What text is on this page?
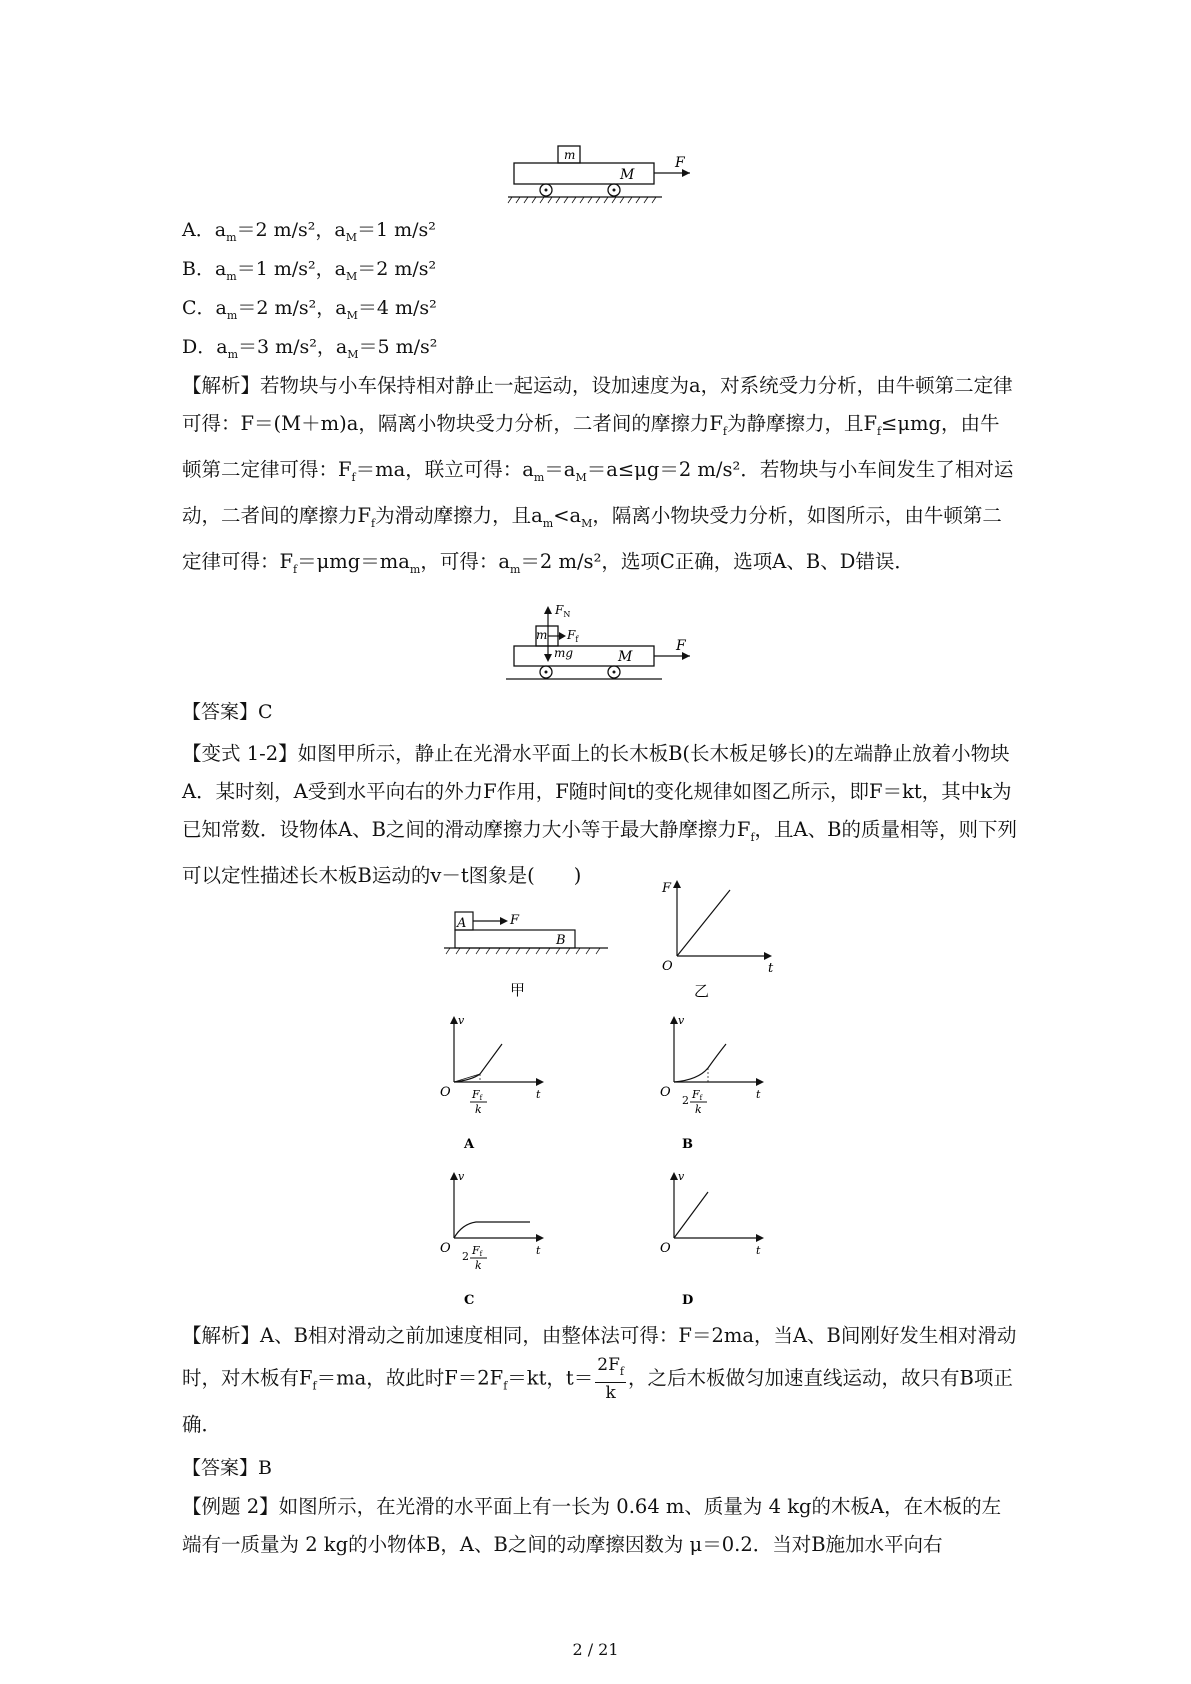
m
M
F
A．$a_m=2$ m/s²，$a_M=1$ m/s²
B．$a_m=1$ m/s²，$a_M=2$ m/s²
C．$a_m=2$ m/s²，$a_M=4$ m/s²
D．$a_m=3$ m/s²，$a_M=5$ m/s²
【解析】若物块与小车保持相对静止一起运动，设加速度为a，对系统受力分析，由牛顿第二定律可得：F＝(M＋m)a，隔离小物块受力分析，二者间的摩擦力$F_f$为静摩擦力，且$F_f\le\mu mg$，由牛顿第二定律可得：$F_f=ma$，联立可得：$a_m=a_M=a\le\mu g=2$ m/s²．若物块与小车间发生了相对运动，二者间的摩擦力$F_f$为滑动摩擦力，且$a_m<a_M$，隔离小物块受力分析，如图所示，由牛顿第二定律可得：$F_f=\mu mg=ma_m$，可得：$a_m=2$ m/s²，选项C正确，选项A、B、D错误．
$F_N$
m $F_f$
mg	M
F
【答案】C
【变式 1-2】如图甲所示，静止在光滑水平面上的长木板B(长木板足够长)的左端静止放着小物块A．某时刻，A受到水平向右的外力F作用，F随时间t的变化规律如图乙所示，即F＝kt，其中k为已知常数．设物体A、B之间的滑动摩擦力大小等于最大静摩擦力$F_f$，且A、B的质量相等，则下列可以定性描述长木板B运动的v－t图象是(　　)
A	F
B
甲
F
t
O
乙
v
t
O Ff
k
A
v
t
O
2 Ff
k
B
v
t
O
2 Ff
k
C
v
t
O
D
【解析】A、B相对滑动之前加速度相同，由整体法可得：F＝2ma，当A、B间刚好发生相对滑动时，对木板有$F_f=ma$，故此时$F=2F_f=kt$，$t= \frac{2F_f}{k}$ ，之后木板做匀加速直线运动，故只有B项正确．
【答案】B
【例题 2】如图所示，在光滑的水平面上有一长为 0.64 m、质量为 4 kg的木板A，在木板的左端有一质量为 2 kg的小物体B，A、B之间的动摩擦因数为 μ＝0.2．当对B施加水平向右
2 / 21
